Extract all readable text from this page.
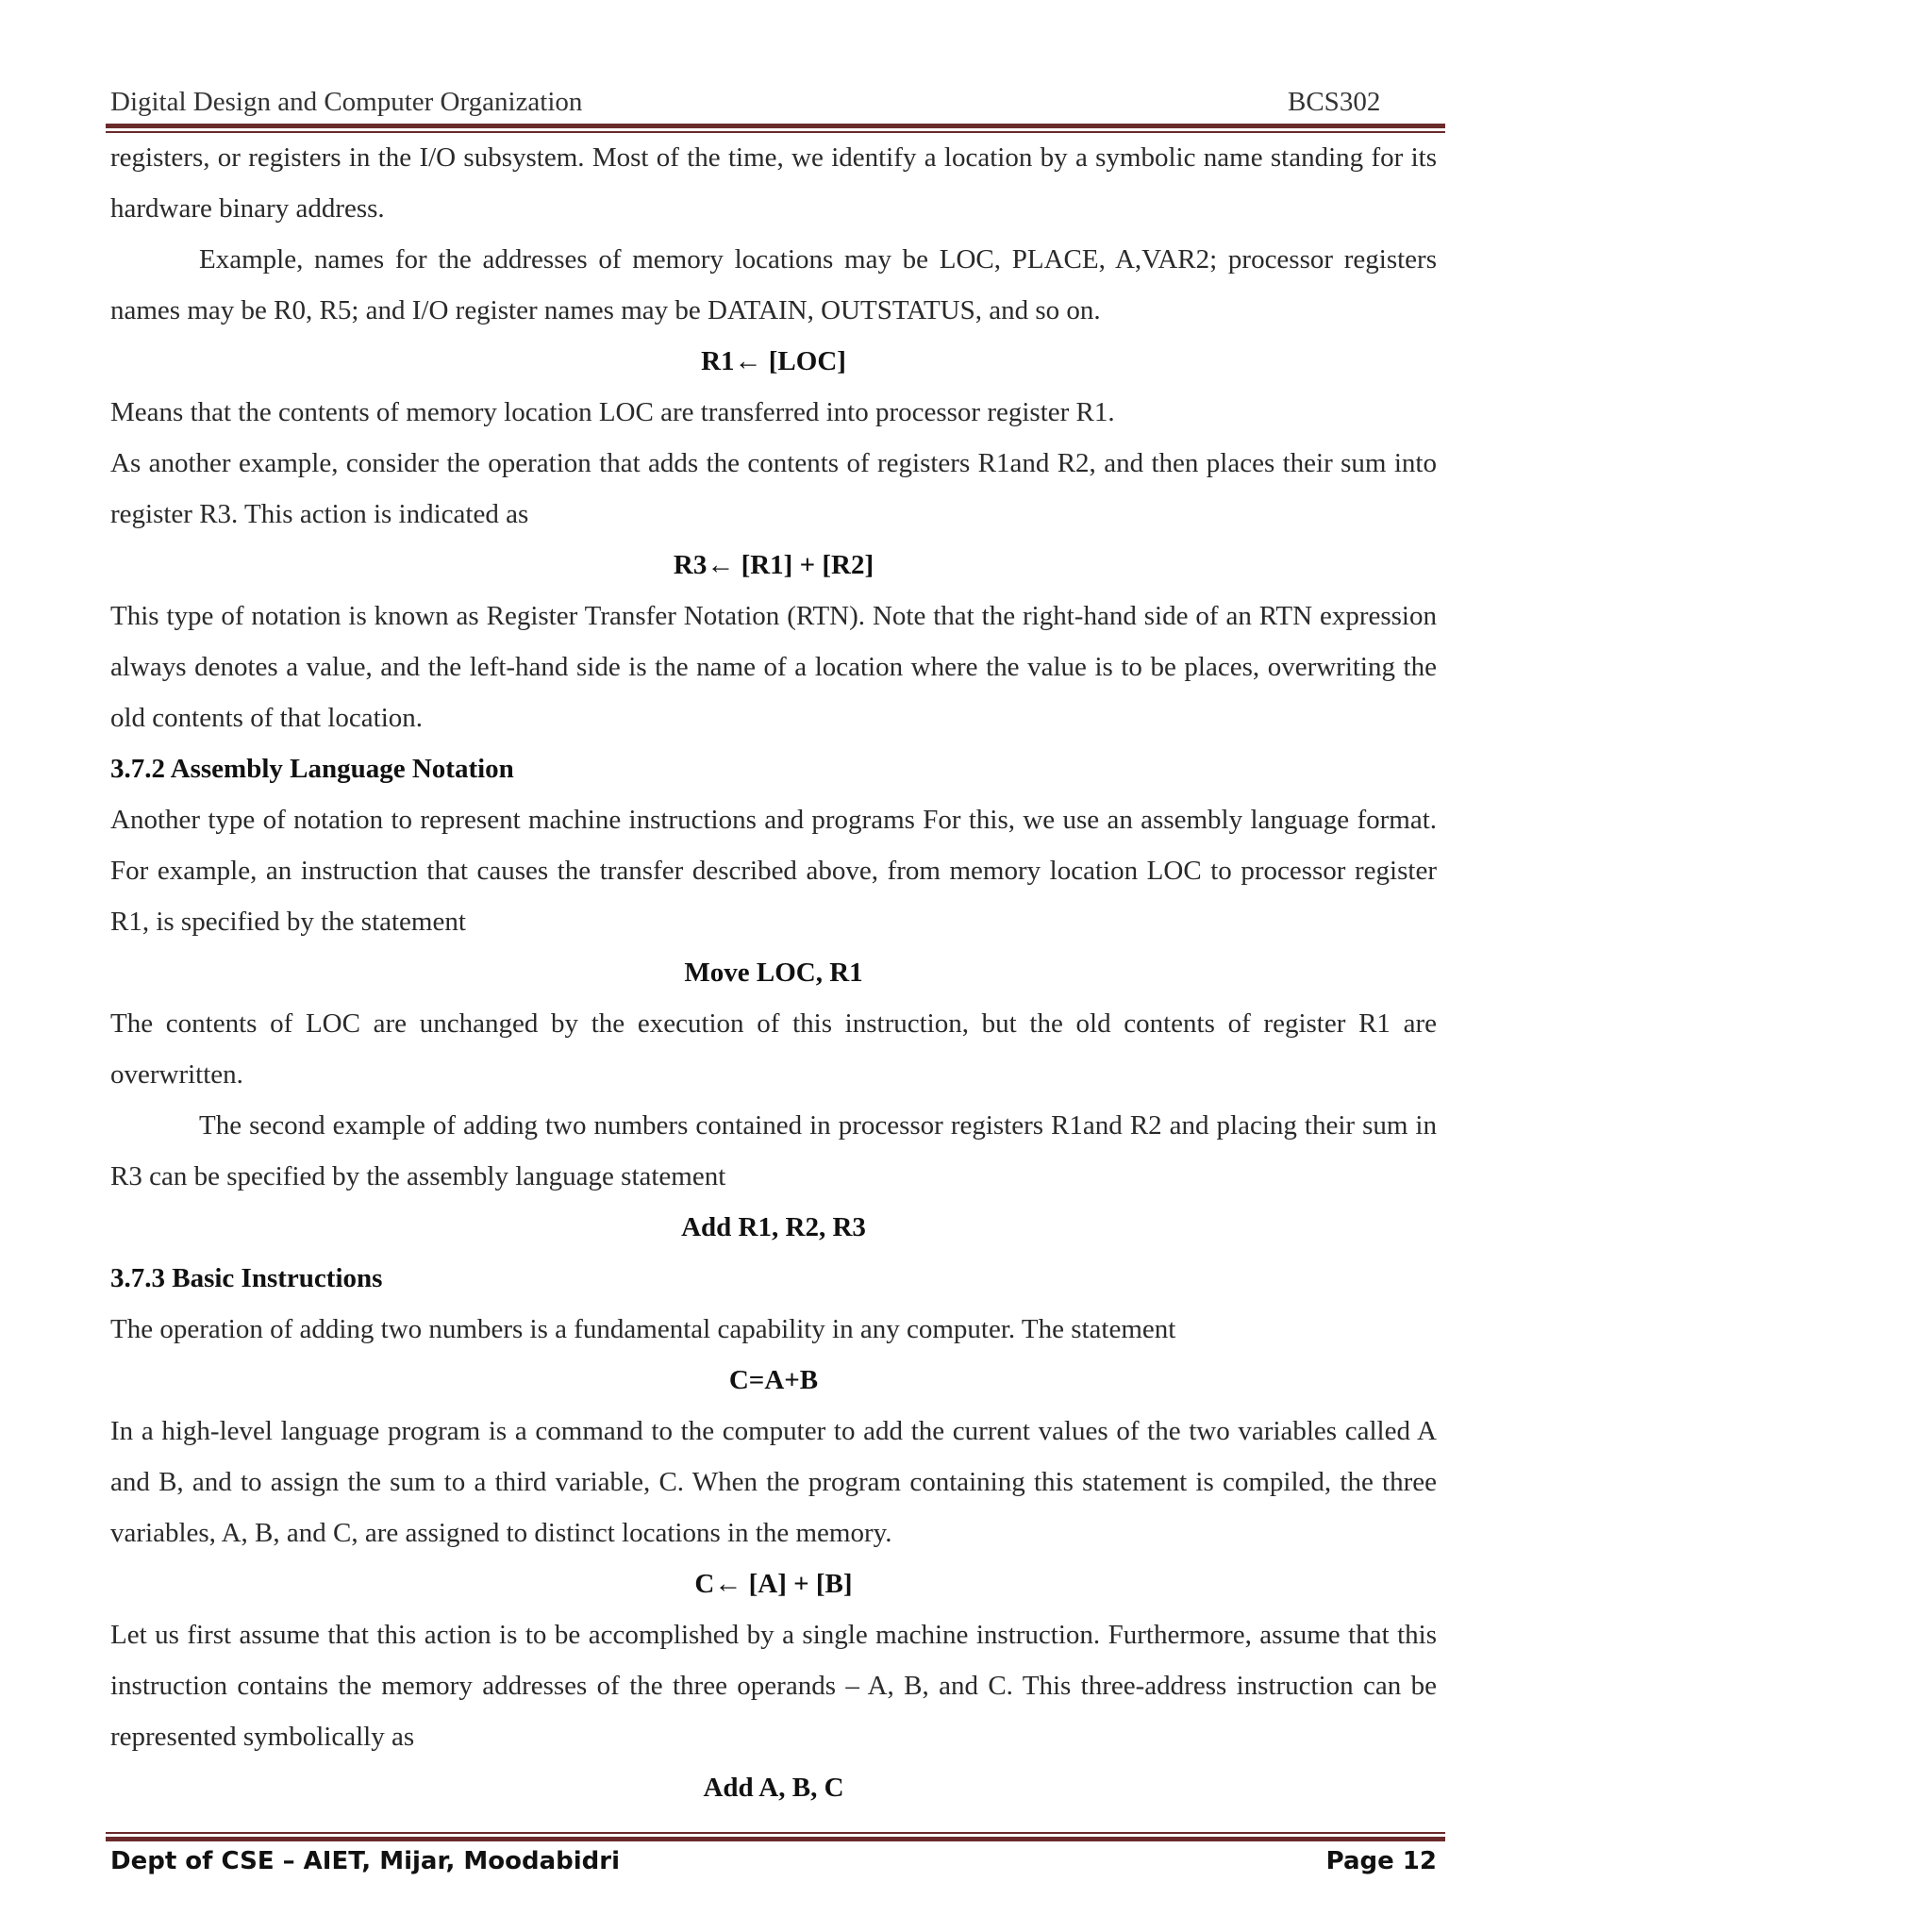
Digital Design and Computer Organization	BCS302

registers, or registers in the I/O subsystem. Most of the time, we identify a location by a symbolic name standing for its hardware binary address.

Example, names for the addresses of memory locations may be LOC, PLACE, A,VAR2; processor registers names may be R0, R5; and I/O register names may be DATAIN, OUTSTATUS, and so on.

R1← [LOC]

Means that the contents of memory location LOC are transferred into processor register R1.

As another example, consider the operation that adds the contents of registers R1and R2, and then places their sum into register R3. This action is indicated as

R3← [R1] + [R2]

This type of notation is known as Register Transfer Notation (RTN). Note that the right-hand side of an RTN expression always denotes a value, and the left-hand side is the name of a location where the value is to be places, overwriting the old contents of that location.

3.7.2 Assembly Language Notation

Another type of notation to represent machine instructions and programs For this, we use an assembly language format. For example, an instruction that causes the transfer described above, from memory location LOC to processor register R1, is specified by the statement

Move LOC, R1

The contents of LOC are unchanged by the execution of this instruction, but the old contents of register R1 are overwritten.

The second example of adding two numbers contained in processor registers R1and R2 and placing their sum in R3 can be specified by the assembly language statement

Add R1, R2, R3

3.7.3 Basic Instructions

The operation of adding two numbers is a fundamental capability in any computer. The statement

C=A+B

In a high-level language program is a command to the computer to add the current values of the two variables called A and B, and to assign the sum to a third variable, C. When the program containing this statement is compiled, the three variables, A, B, and C, are assigned to distinct locations in the memory.

C← [A] + [B]

Let us first assume that this action is to be accomplished by a single machine instruction. Furthermore, assume that this instruction contains the memory addresses of the three operands – A, B, and C. This three-address instruction can be represented symbolically as

Add A, B, C

Dept of CSE – AIET, Mijar, Moodabidri	Page 12
